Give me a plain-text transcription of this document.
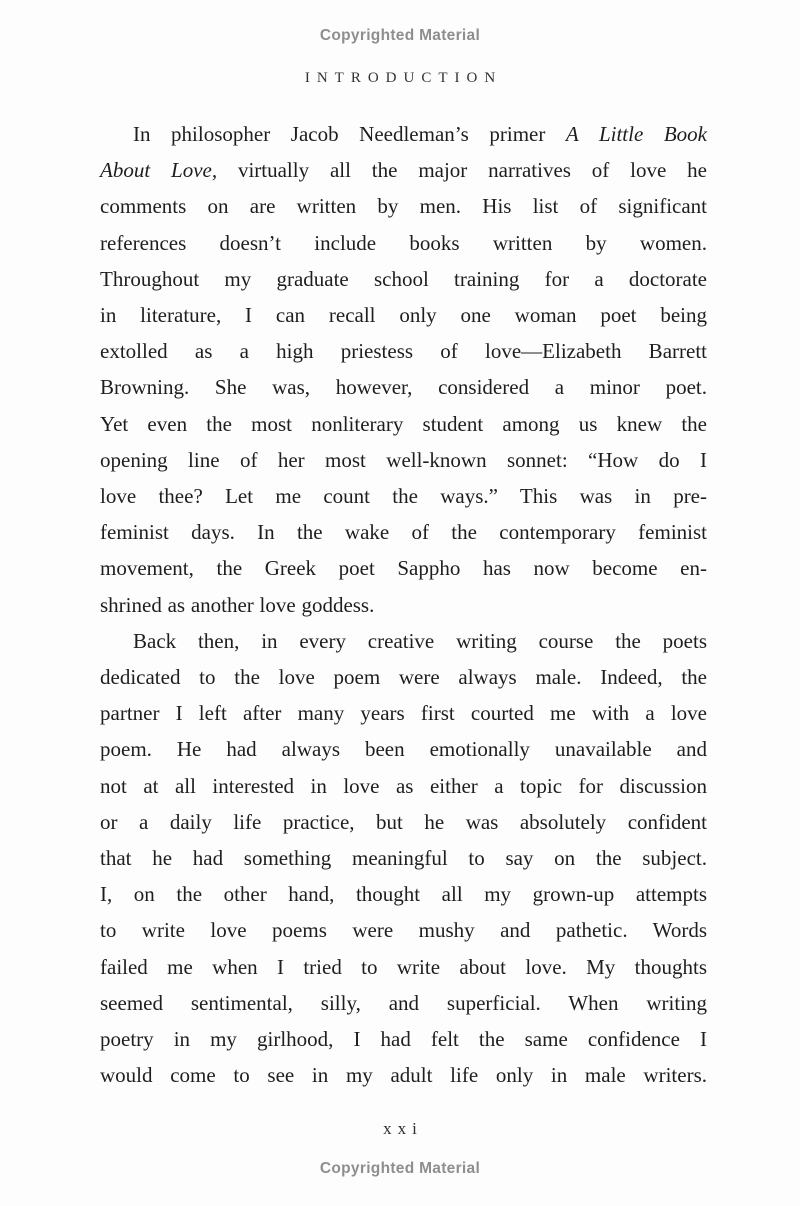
Copyrighted Material
INTRODUCTION
In philosopher Jacob Needleman’s primer A Little Book
About Love, virtually all the major narratives of love he
comments on are written by men. His list of significant
references doesn’t include books written by women.
Throughout my graduate school training for a doctorate
in literature, I can recall only one woman poet being
extolled as a high priestess of love—Elizabeth Barrett
Browning. She was, however, considered a minor poet.
Yet even the most nonliterary student among us knew the
opening line of her most well-known sonnet: “How do I
love thee? Let me count the ways.” This was in pre-
feminist days. In the wake of the contemporary feminist
movement, the Greek poet Sappho has now become en-
shrined as another love goddess.
Back then, in every creative writing course the poets
dedicated to the love poem were always male. Indeed, the
partner I left after many years first courted me with a love
poem. He had always been emotionally unavailable and
not at all interested in love as either a topic for discussion
or a daily life practice, but he was absolutely confident
that he had something meaningful to say on the subject.
I, on the other hand, thought all my grown-up attempts
to write love poems were mushy and pathetic. Words
failed me when I tried to write about love. My thoughts
seemed sentimental, silly, and superficial. When writing
poetry in my girlhood, I had felt the same confidence I
would come to see in my adult life only in male writers.
xxi
Copyrighted Material
